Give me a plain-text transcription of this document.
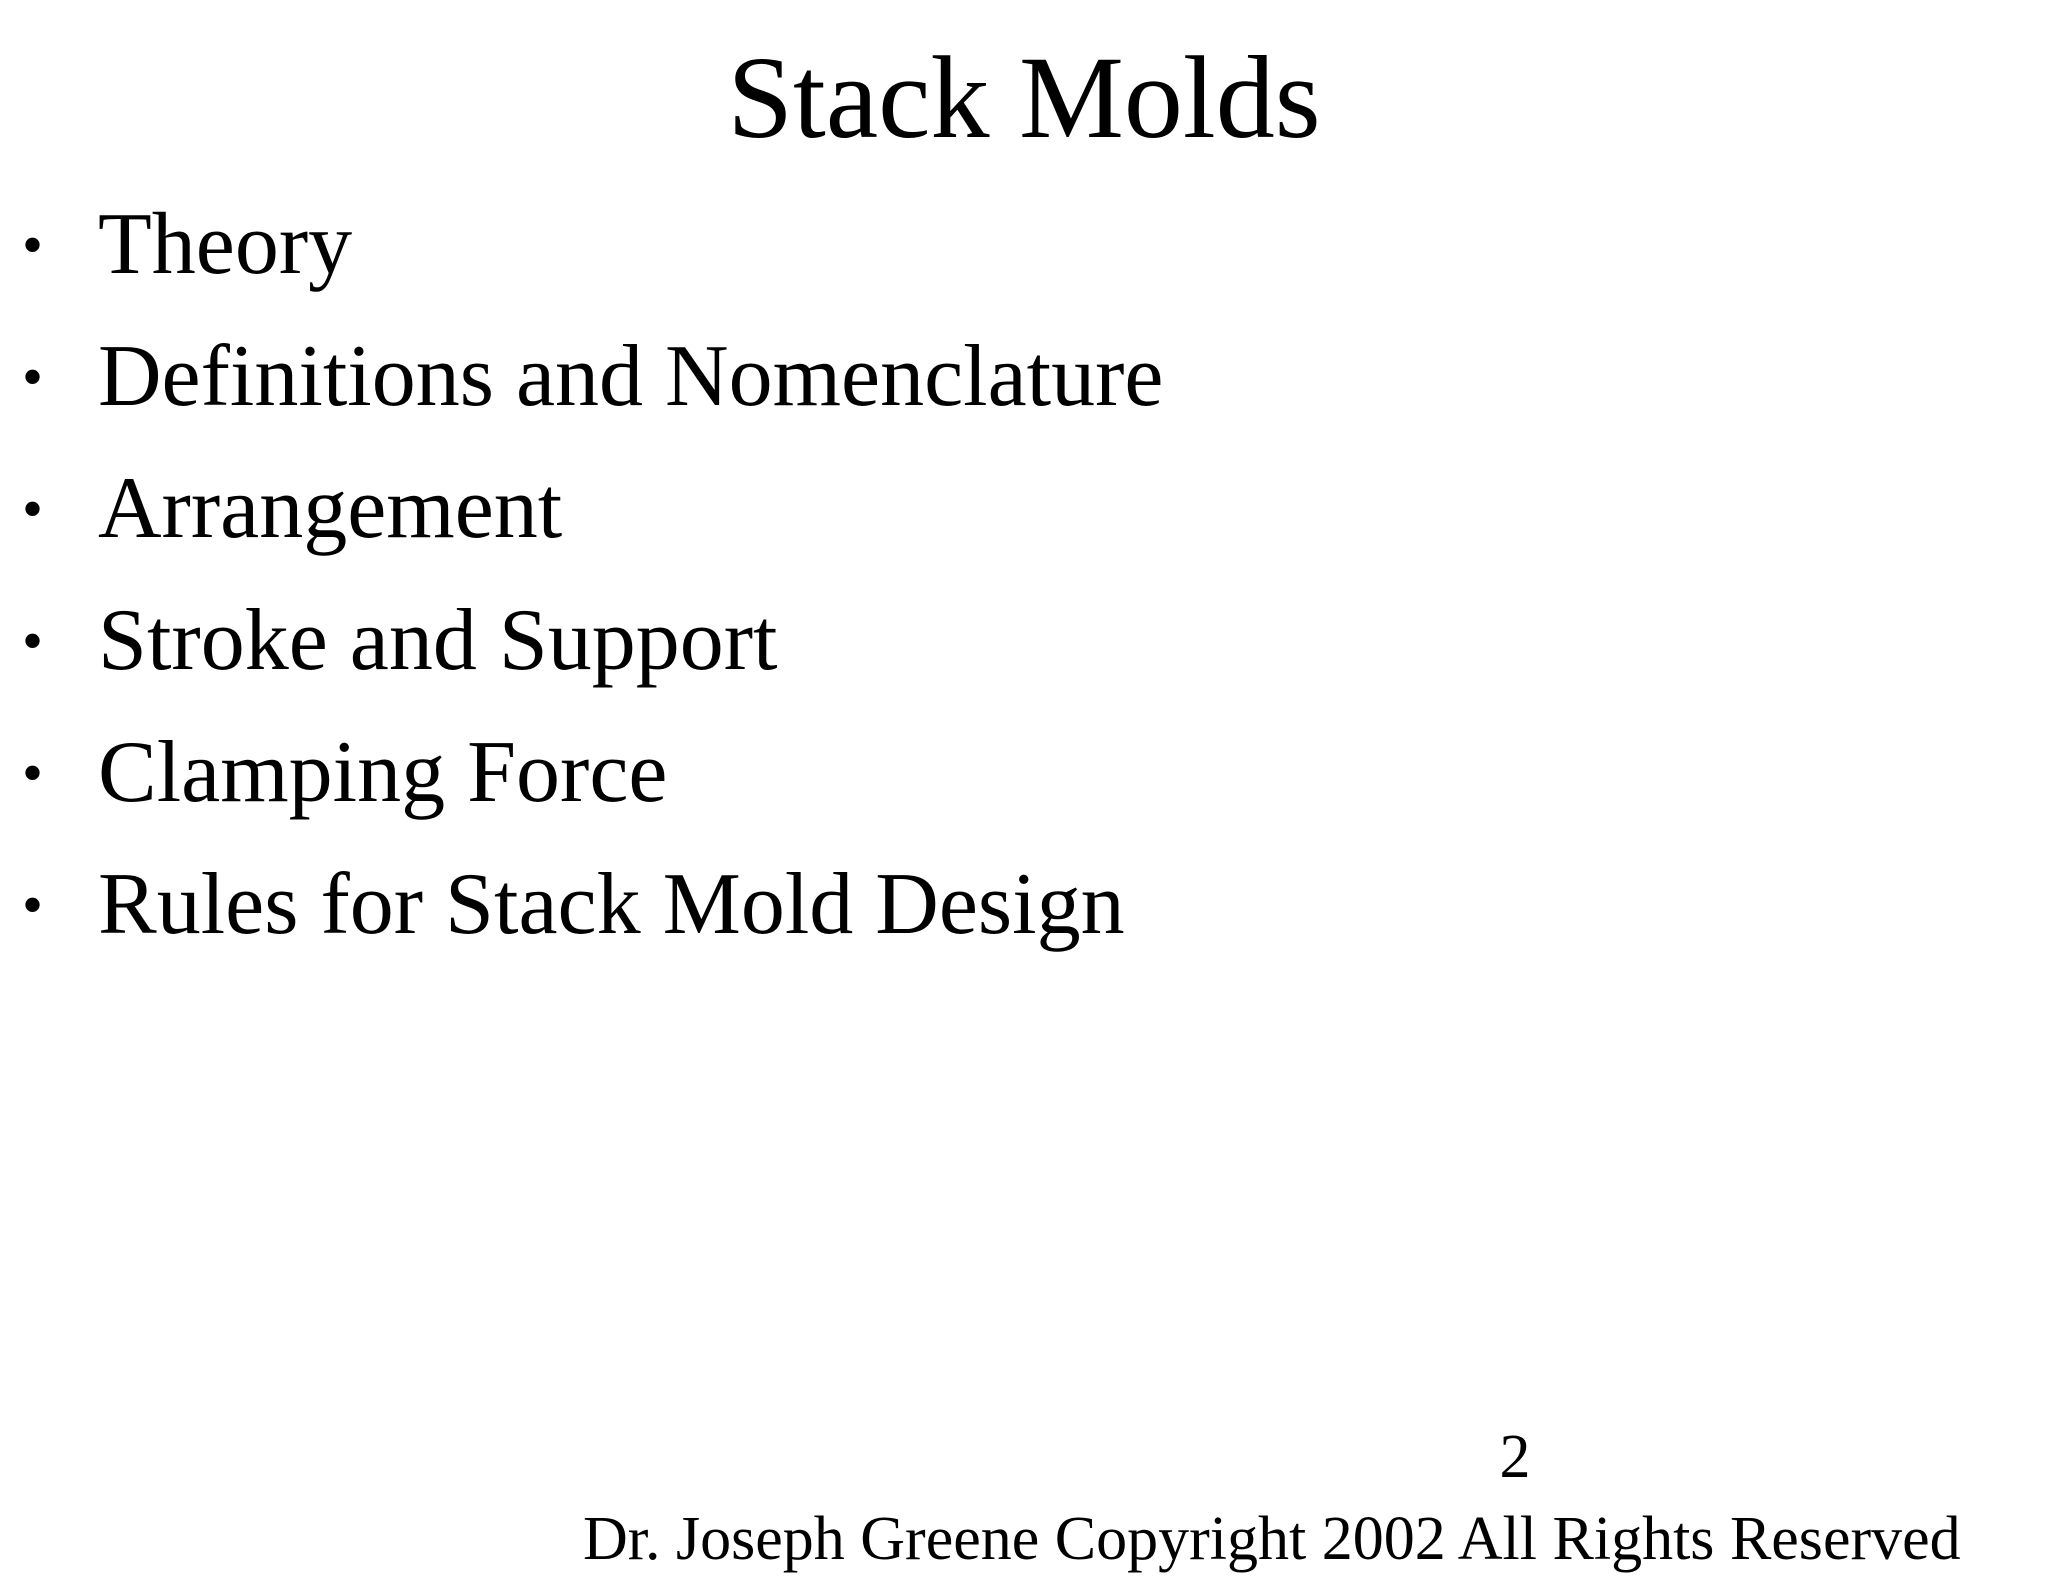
Stack Molds
• Theory
• Definitions and Nomenclature
• Arrangement
• Stroke and Support
• Clamping Force
• Rules for Stack Mold Design
2
Dr. Joseph Greene Copyright 2002 All Rights Reserved
